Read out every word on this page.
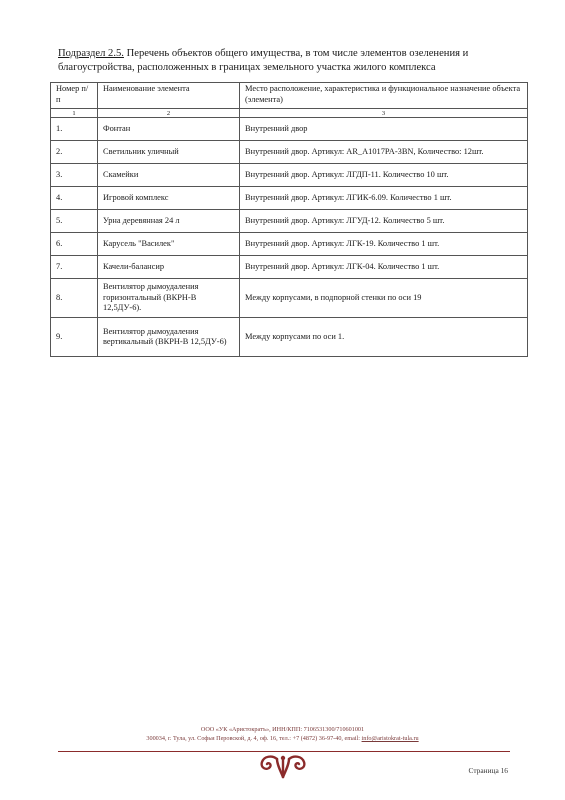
Подраздел 2.5. Перечень объектов общего имущества, в том числе элементов озеленения и благоустройства, расположенных в границах земельного участка жилого комплекса
Номер п/п	Наименование элемента	Место расположение, характеристика и функциональное назначение объекта (элемента)
1	2	3
1.	Фонтан	Внутренний двор
2.	Светильник уличный	Внутренний двор. Артикул: AR_A1017PA-3BN, Количество: 12шт.
3.	Скамейки	Внутренний двор. Артикул: ЛГДП-11. Количество 10 шт.
4.	Игровой комплекс	Внутренний двор. Артикул: ЛГИК-6.09. Количество 1 шт.
5.	Урна деревянная 24 л	Внутренний двор. Артикул: ЛГУД-12. Количество 5 шт.
6.	Карусель "Василек"	Внутренний двор. Артикул: ЛГК-19. Количество 1 шт.
7.	Качели-балансир	Внутренний двор. Артикул: ЛГК-04. Количество 1 шт.
8.	Вентилятор дымоудаления горизонтальный (ВКРН-В 12,5ДУ-6).	Между корпусами, в подпорной стенки по оси 19
9.	Вентилятор дымоудаления вертикальный (ВКРН-В 12,5ДУ-6)	Между корпусами по оси 1.
ООО «УК «Аристократъ», ИНН/КПП: 7106531300/710601001
300034, г. Тула, ул. Софьи Перовской, д. 4, оф. 16, тел.: +7 (4872) 36-97-40, email: info@aristokrat-tula.ru
Страница 16
